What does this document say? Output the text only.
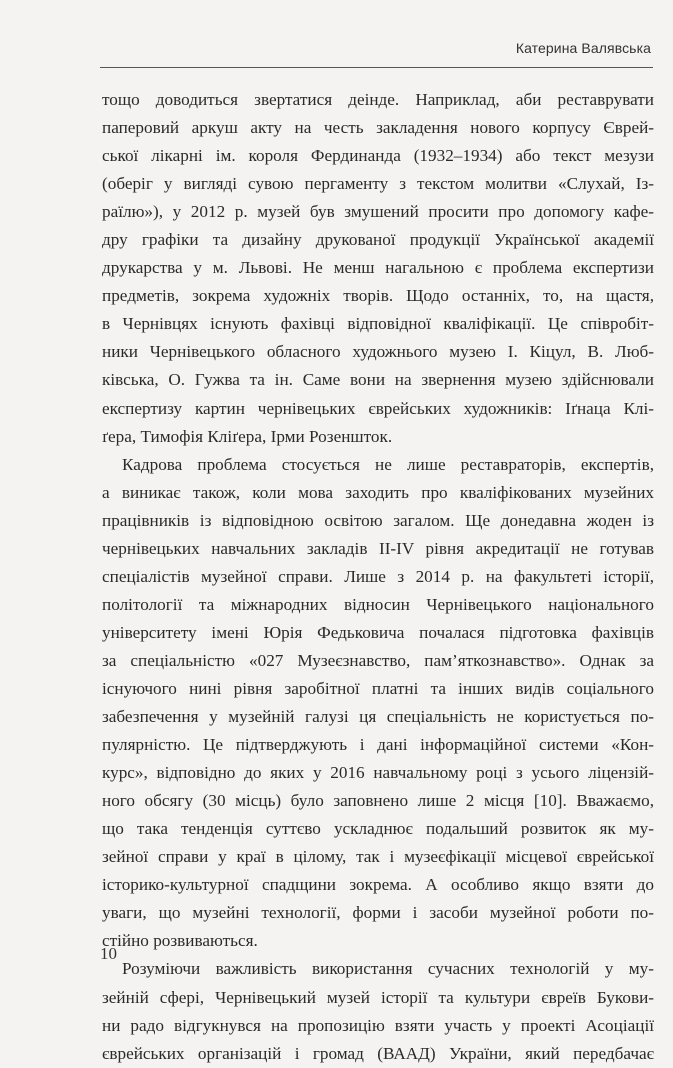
Катерина Валявська
тощо доводиться звертатися деінде. Наприклад, аби реставрувати
паперовий аркуш акту на честь закладення нового корпусу Єврей-
ської лікарні ім. короля Фердинанда (1932–1934) або текст мезузи
(оберіг у вигляді сувою пергаменту з текстом молитви «Слухай, Із-
раїлю»), у 2012 р. музей був змушений просити про допомогу кафе-
дру графіки та дизайну друкованої продукції Української академії
друкарства у м. Львові. Не менш нагальною є проблема експертизи
предметів, зокрема художніх творів. Щодо останніх, то, на щастя,
в Чернівцях існують фахівці відповідної кваліфікації. Це співробіт-
ники Чернівецького обласного художнього музею І. Кіцул, В. Люб-
ківська, О. Гужва та ін. Саме вони на звернення музею здійснювали
експертизу картин чернівецьких єврейських художників: Іґнаца Клі-
ґера, Тимофія Кліґера, Ірми Розеншток.
Кадрова проблема стосується не лише реставраторів, експертів,
а виникає також, коли мова заходить про кваліфікованих музейних
працівників із відповідною освітою загалом. Ще донедавна жоден із
чернівецьких навчальних закладів ІІ-IV рівня акредитації не готував
спеціалістів музейної справи. Лише з 2014 р. на факультеті історії,
політології та міжнародних відносин Чернівецького національного
університету імені Юрія Федьковича почалася підготовка фахівців
за спеціальністю «027 Музеєзнавство, пам’яткознавство». Однак за
існуючого нині рівня заробітної платні та інших видів соціального
забезпечення у музейній галузі ця спеціальність не користується по-
пулярністю. Це підтверджують і дані інформаційної системи «Кон-
курс», відповідно до яких у 2016 навчальному році з усього ліцензій-
ного обсягу (30 місць) було заповнено лише 2 місця [10]. Вважаємо,
що така тенденція суттєво ускладнює подальший розвиток як му-
зейної справи у краї в цілому, так і музеєфікації місцевої єврейської
історико-культурної спадщини зокрема. А особливо якщо взяти до
уваги, що музейні технології, форми і засоби музейної роботи по-
стійно розвиваються.
Розуміючи важливість використання сучасних технологій у му-
зейній сфері, Чернівецький музей історії та культури євреїв Букови-
ни радо відгукнувся на пропозицію взяти участь у проекті Асоціації
єврейських організацій і громад (ВААД) України, який передбачає
10
